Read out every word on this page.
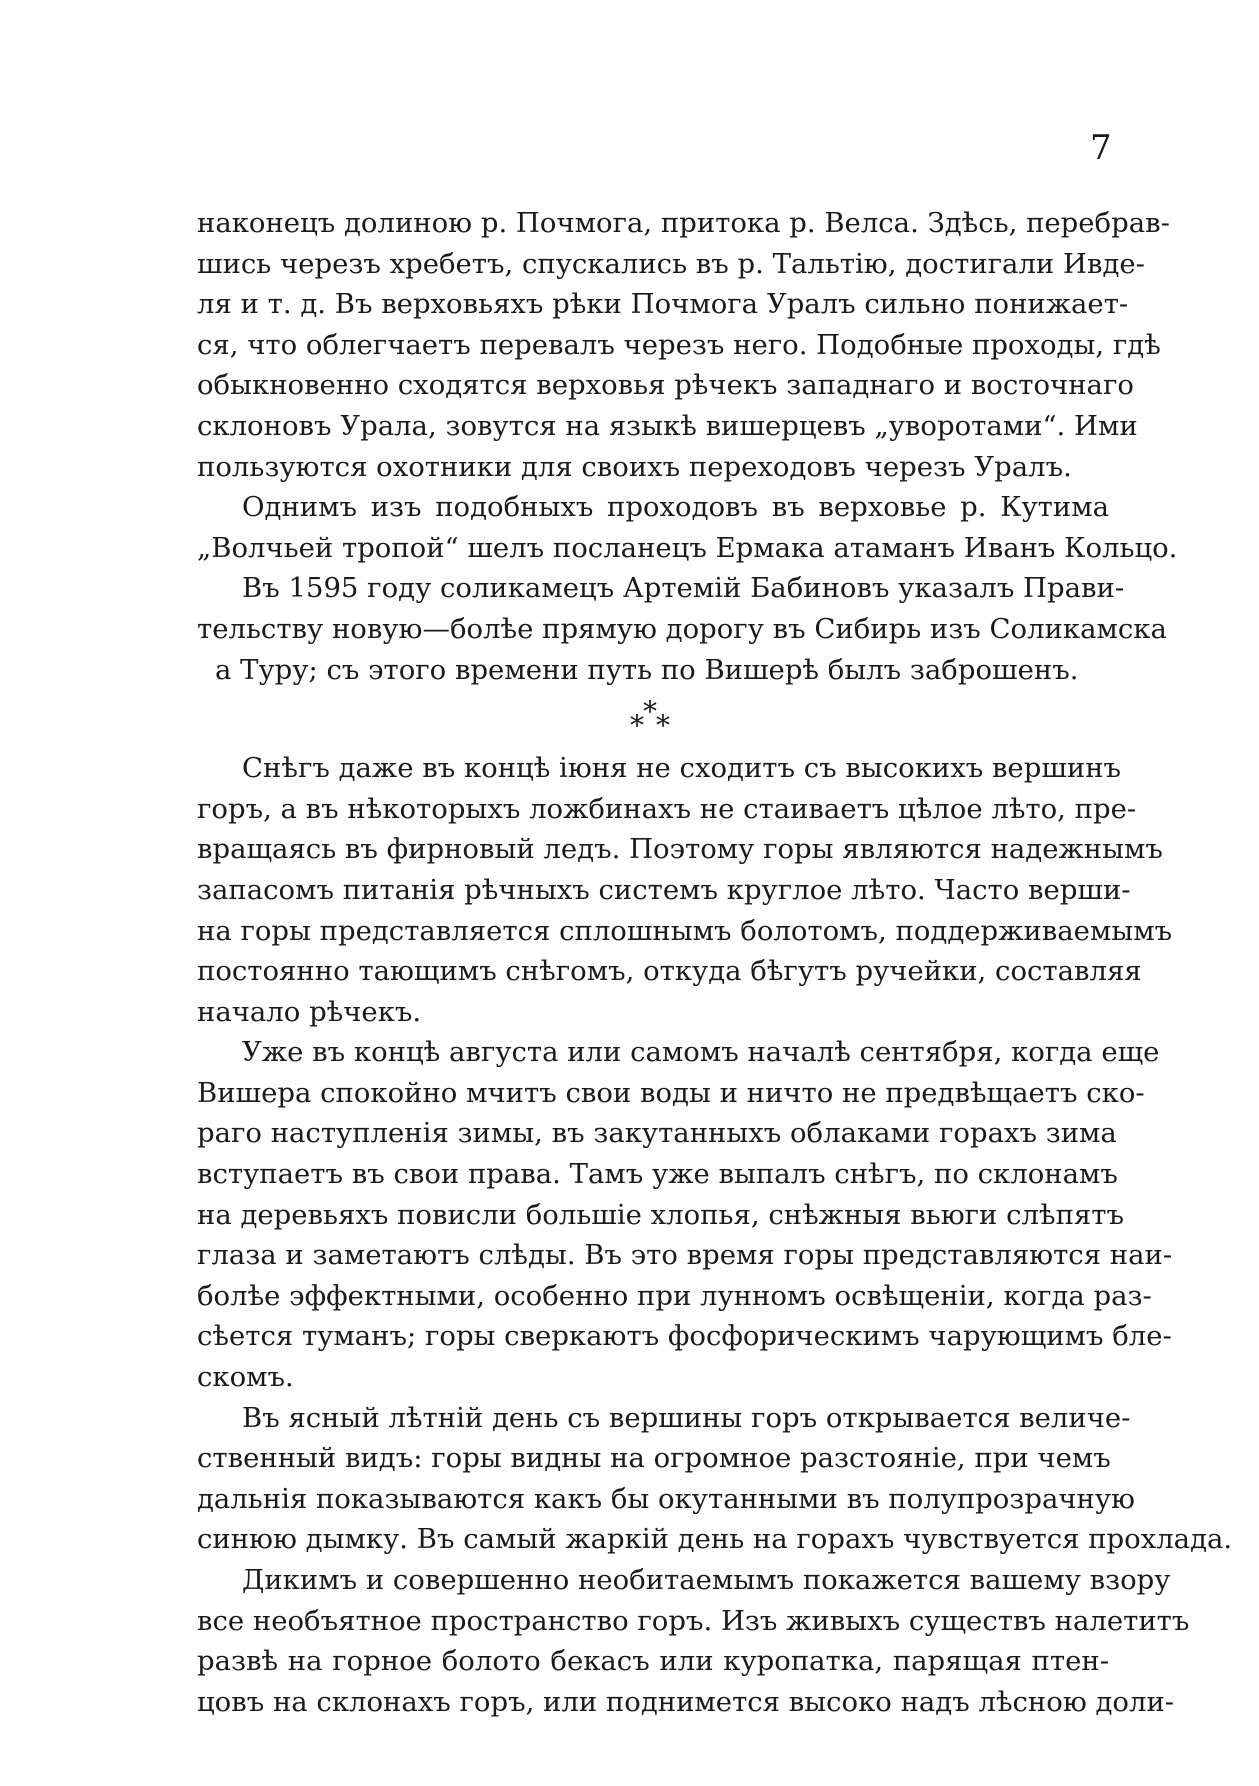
7
наконецъ долиною р. Почмога, притока р. Велса. Здѣсь, перебрав-
шись черезъ хребетъ, спускались въ р. Тальтію, достигали Ивде-
ля и т. д. Въ верховьяхъ рѣки Почмога Уралъ сильно понижает-
ся, что облегчаетъ перевалъ черезъ него. Подобные проходы, гдѣ
обыкновенно сходятся верховья рѣчекъ западнаго и восточнаго
склоновъ Урала, зовутся на языкѣ вишерцевъ „уворотами“. Ими
пользуются охотники для своихъ переходовъ черезъ Уралъ.
Однимъ изъ подобныхъ проходовъ въ верховье р. Кутима
„Волчьей тропой“ шелъ посланецъ Ермака атаманъ Иванъ Кольцо.
Въ 1595 году соликамецъ Артемій Бабиновъ указалъ Прави-
тельству новую—болѣе прямую дорогу въ Сибирь изъ Соликамска
а Туру; съ этого времени путь по Вишерѣ былъ заброшенъ.
*
* *
Снѣгъ даже въ концѣ іюня не сходитъ съ высокихъ вершинъ
горъ, а въ нѣкоторыхъ ложбинахъ не стаиваетъ цѣлое лѣто, пре-
вращаясь въ фирновый ледъ. Поэтому горы являются надежнымъ
запасомъ питанія рѣчныхъ системъ круглое лѣто. Часто верши-
на горы представляется сплошнымъ болотомъ, поддерживаемымъ
постоянно тающимъ снѣгомъ, откуда бѣгутъ ручейки, составляя
начало рѣчекъ.
Уже въ концѣ августа или самомъ началѣ сентября, когда еще
Вишера спокойно мчитъ свои воды и ничто не предвѣщаетъ ско-
раго наступленія зимы, въ закутанныхъ облаками горахъ зима
вступаетъ въ свои права. Тамъ уже выпалъ снѣгъ, по склонамъ
на деревьяхъ повисли большіе хлопья, снѣжныя вьюги слѣпятъ
глаза и заметаютъ слѣды. Въ это время горы представляются наи-
болѣе эффектными, особенно при лунномъ освѣщеніи, когда раз-
сѣется туманъ; горы сверкаютъ фосфорическимъ чарующимъ бле-
скомъ.
Въ ясный лѣтній день съ вершины горъ открывается величе-
ственный видъ: горы видны на огромное разстояніе, при чемъ
дальнія показываются какъ бы окутанными въ полупрозрачную
синюю дымку. Въ самый жаркій день на горахъ чувствуется прохлада.
Дикимъ и совершенно необитаемымъ покажется вашему взору
все необъятное пространство горъ. Изъ живыхъ существъ налетитъ
развѣ на горное болото бекасъ или куропатка, парящая птен-
цовъ на склонахъ горъ, или поднимется высоко надъ лѣсною доли-
